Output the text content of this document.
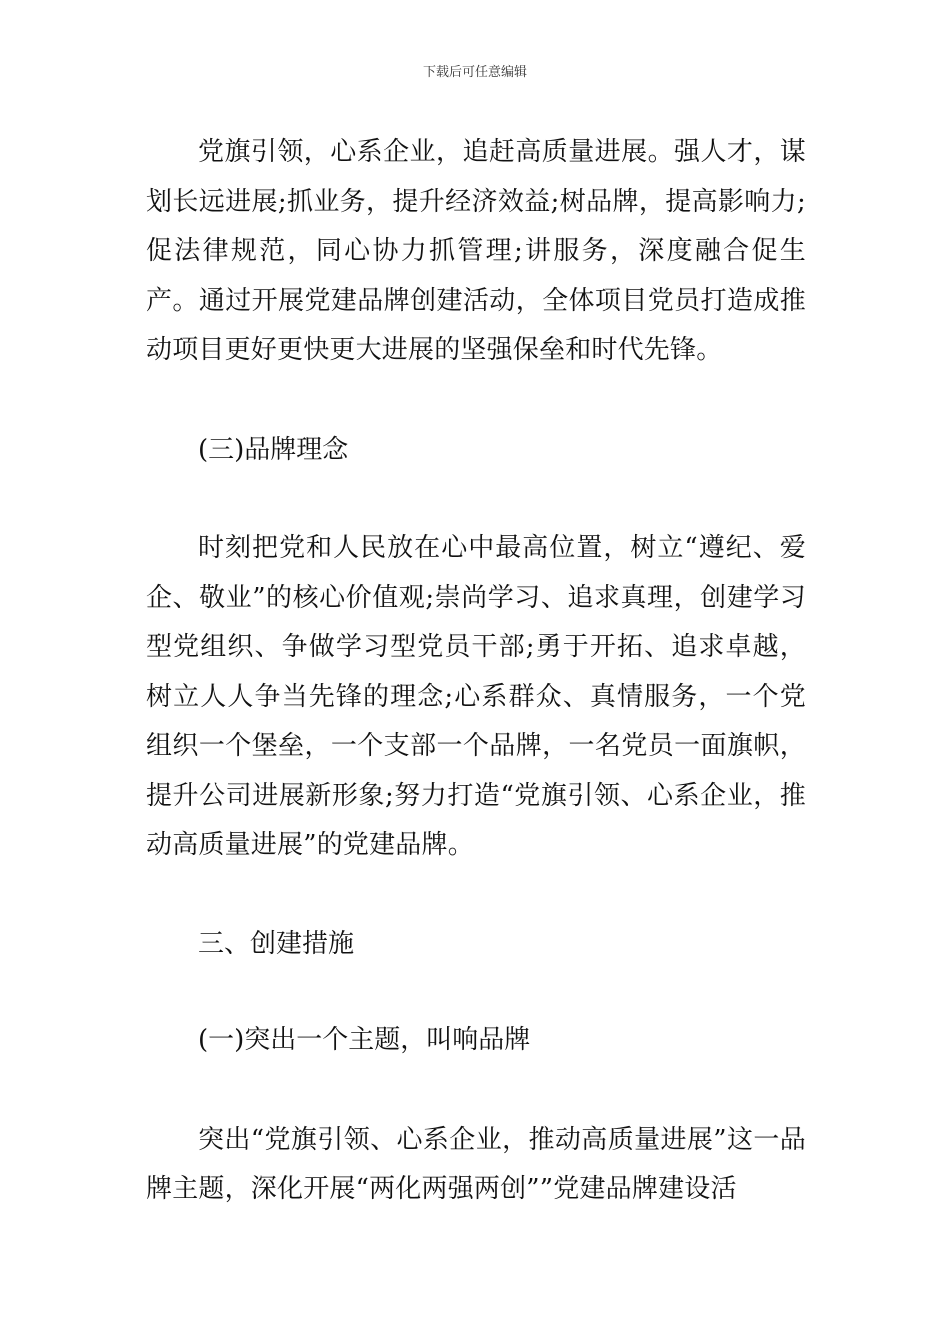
下载后可任意编辑

党旗引领，心系企业，追赶高质量进展。强人才，谋划长远进展;抓业务，提升经济效益;树品牌，提高影响力;促法律规范，同心协力抓管理;讲服务，深度融合促生产。通过开展党建品牌创建活动，全体项目党员打造成推动项目更好更快更大进展的坚强保垒和时代先锋。

(三)品牌理念

时刻把党和人民放在心中最高位置，树立“遵纪、爱企、敬业”的核心价值观;崇尚学习、追求真理，创建学习型党组织、争做学习型党员干部;勇于开拓、追求卓越，树立人人争当先锋的理念;心系群众、真情服务，一个党组织一个堡垒，一个支部一个品牌，一名党员一面旗帜，提升公司进展新形象;努力打造“党旗引领、心系企业，推动高质量进展”的党建品牌。

三、创建措施

(一)突出一个主题，叫响品牌

突出“党旗引领、心系企业，推动高质量进展”这一品牌主题，深化开展“两化两强两创””党建品牌建设活
